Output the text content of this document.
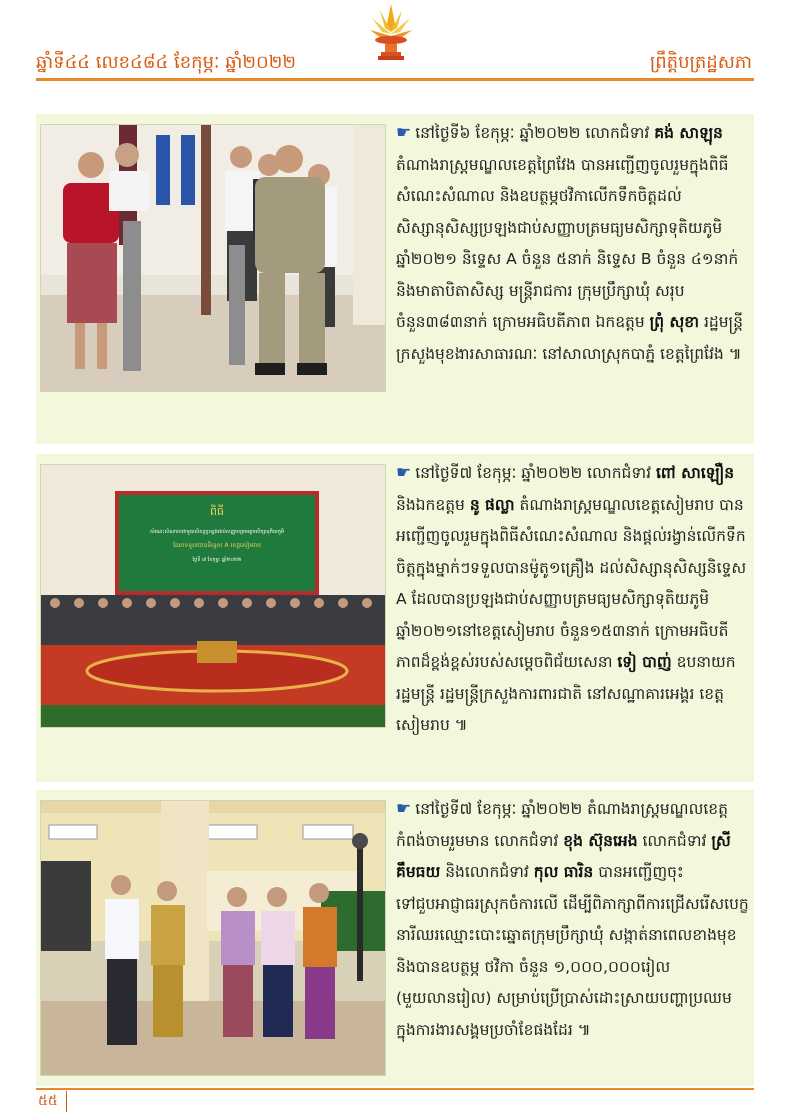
ឆ្នាំទី៤៤ លេខ៤៨៤ ខែកុម្ភៈ ឆ្នាំ២០២២	ព្រឹត្តិបត្រដ្ឋសភា
☛ នៅថ្ងៃទី៦ ខែកុម្ភៈ ឆ្នាំ២០២២ លោកជំទាវ គង់ សាឡុន តំណាងរាស្ត្រមណ្ឌលខេត្តព្រៃវែង បានអញ្ជើញចូលរួមក្នុងពិធីសំណេះសំណាល និងឧបត្ថម្ភថវិកាលើកទឹកចិត្តដល់សិស្សានុសិស្សប្រឡងជាប់សញ្ញាបត្រមធ្យមសិក្សាទុតិយភូមិ ឆ្នាំ២០២១ និទ្ទេស A ចំនួន ៥នាក់ និទ្ទេស B ចំនួន ៤១នាក់ និងមាតាបិតាសិស្ស មន្ត្រីរាជការ ក្រុមប្រឹក្សាឃុំ សរុបចំនួន៣៨៣នាក់ ក្រោមអធិបតីភាព ឯកឧត្តម ព្រុំ សុខា រដ្ឋមន្ត្រីក្រសួងមុខងារសាធារណៈ នៅសាលាស្រុកបាភ្នំ ខេត្តព្រៃវែង ៕
ពិធី
សំណេះសំណាលជាមួយសិស្សប្រឡងជាប់សញ្ញាបត្រមធ្យមសិក្សាទុតិយភូមិ
ដែលទទួលបាននិទ្ទេស A ខេត្តសៀមរាប
ថ្ងៃទី ៧ ខែកុម្ភៈ ឆ្នាំ២០២២
☛ នៅថ្ងៃទី៧ ខែកុម្ភៈ ឆ្នាំ២០២២ លោកជំទាវ ពៅ សាឡឿន និងឯកឧត្តម នូ ផល្លា តំណាងរាស្ត្រមណ្ឌលខេត្តសៀមរាប បានអញ្ជើញចូលរួមក្នុងពិធីសំណេះសំណាល និងផ្តល់រង្វាន់លើកទឹកចិត្តក្នុងម្នាក់ៗទទួលបានម៉ូតូ១គ្រឿង ដល់សិស្សានុសិស្សនិទ្ទេស A ដែលបានប្រឡងជាប់សញ្ញាបត្រមធ្យមសិក្សាទុតិយភូមិឆ្នាំ២០២១នៅខេត្តសៀមរាប ចំនួន១៥៣នាក់ ក្រោមអធិបតីភាពដ៏ខ្ពង់ខ្ពស់របស់សម្តេចពិជ័យសេនា ទៀ បាញ់ ឧបនាយករដ្ឋមន្ត្រី រដ្ឋមន្ត្រីក្រសួងការពារជាតិ នៅសណ្ឋាគារអេង្គរ ខេត្តសៀមរាប ៕
☛ នៅថ្ងៃទី៧ ខែកុម្ភៈ ឆ្នាំ២០២២ តំណាងរាស្ត្រមណ្ឌលខេត្តកំពង់ចាមរួមមាន លោកជំទាវ ខុង ស៊ុនអេង លោកជំទាវ ស្រី គឹមធយ និងលោកជំទាវ កុល ធារិន បានអញ្ជើញចុះទៅជួបអាជ្ញាធរស្រុកចំការលើ ដើម្បីពិភាក្សាពីការជ្រើសរើសបេក្ខនារីឈរឈ្មោះបោះឆ្នោតក្រុមប្រឹក្សាឃុំ សង្កាត់នាពេលខាងមុខ និងបានឧបត្ថម្ភ ថវិកា ចំនួន ១,០០០,០០០រៀល (មួយលានរៀល) សម្រាប់ប្រើប្រាស់ដោះស្រាយបញ្ហាប្រឈមក្នុងការងារសង្គមប្រចាំខែផងដែរ ៕
៥៥
